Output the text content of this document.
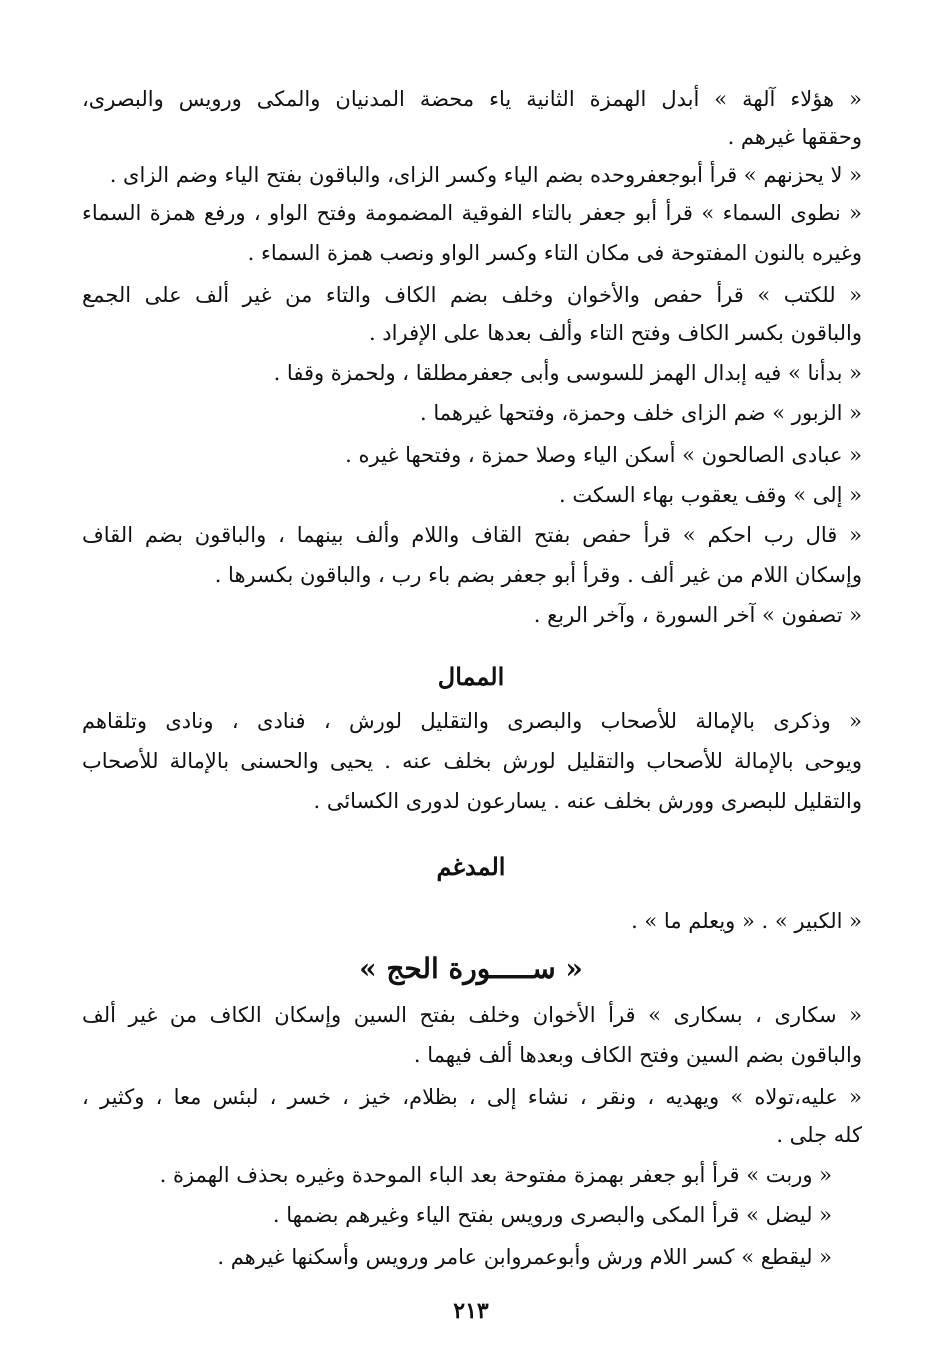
« هؤلاء آلهة » أبدل الهمزة الثانية ياء محضة المدنيان والمكى ورويس والبصرى،
وحققها غيرهم .
« لا يحزنهم » قرأ أبوجعفروحده بضم الياء وكسر الزاى، والباقون بفتح الياء وضم الزاى .
« نطوى السماء » قرأ أبو جعفر بالتاء الفوقية المضمومة وفتح الواو ، ورفع همزة السماء
وغيره بالنون المفتوحة فى مكان التاء وكسر الواو ونصب همزة السماء .
« للكتب » قرأ حفص والأخوان وخلف بضم الكاف والتاء من غير ألف على الجمع
والباقون بكسر الكاف وفتح التاء وألف بعدها على الإفراد .
« بدأنا » فيه إبدال الهمز للسوسى وأبى جعفرمطلقا ، ولحمزة وقفا .
« الزبور » ضم الزاى خلف وحمزة، وفتحها غيرهما .
« عبادى الصالحون » أسكن الياء وصلا حمزة ، وفتحها غيره .
« إلى » وقف يعقوب بهاء السكت .
« قال رب احكم » قرأ حفص بفتح القاف واللام وألف بينهما ، والباقون بضم القاف
وإسكان اللام من غير ألف . وقرأ أبو جعفر بضم باء رب ، والباقون بكسرها .
« تصفون » آخر السورة ، وآخر الربع .
الممال
« وذكرى بالإمالة للأصحاب والبصرى والتقليل لورش ، فنادى ، ونادى وتلقاهم
ويوحى بالإمالة للأصحاب والتقليل لورش بخلف عنه . يحيى والحسنى بالإمالة للأصحاب
والتقليل للبصرى وورش بخلف عنه . يسارعون لدورى الكسائى .
المدغم
« الكبير » . « ويعلم ما » .
« ســـــورة الحج »
« سكارى ، بسكارى » قرأ الأخوان وخلف بفتح السين وإسكان الكاف من غير ألف
والباقون بضم السين وفتح الكاف وبعدها ألف فيهما .
« عليه،تولاه » ويهديه ، ونقر ، نشاء إلى ، بظلام، خيز ، خسر ، لبئس معا ، وكثير ،
كله جلى .
« وربت » قرأ أبو جعفر بهمزة مفتوحة بعد الباء الموحدة وغيره بحذف الهمزة .
« ليضل » قرأ المكى والبصرى ورويس بفتح الياء وغيرهم بضمها .
« ليقطع » كسر اللام ورش وأبوعمروابن عامر ورويس وأسكنها غيرهم .
٢١٣
